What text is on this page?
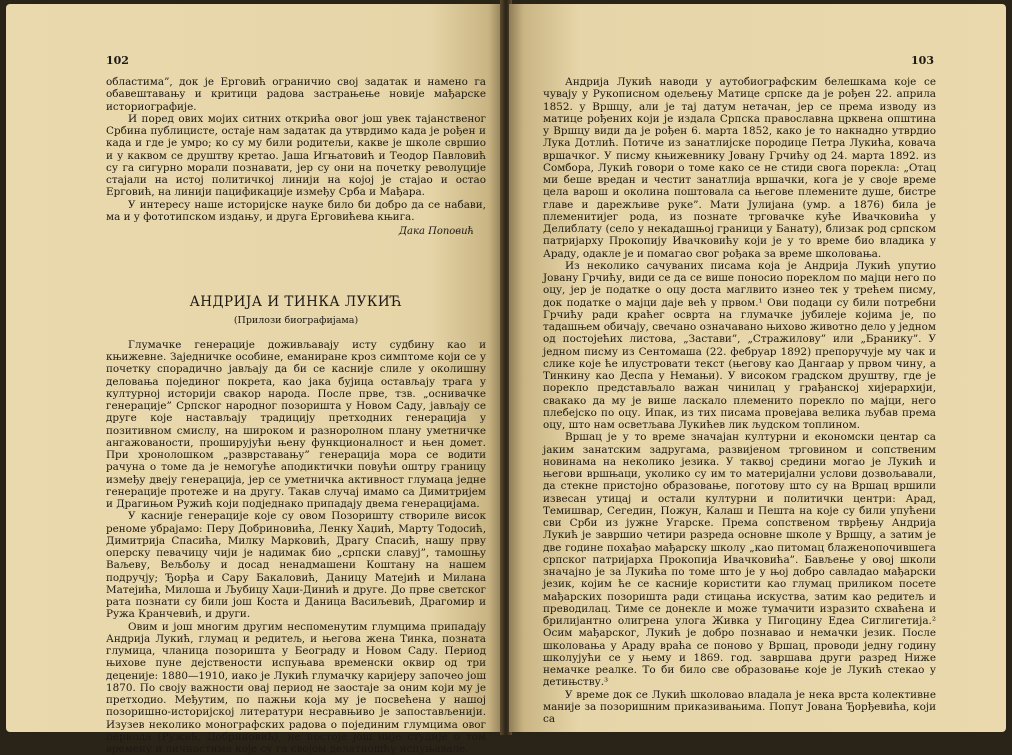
102

областима”, док је Ерговић ограничио свој задатак и намено га обавештавању и критици радова застрањење новије мађарске историографије.

И поред ових мојих ситних открића овог још увек тајанственог Србина публицисте, остаје нам задатак да утврдимо када је рођен и када и где је умро; ко су му били родитељи, какве је школе свршио и у каквом се друштву кретао. Јаша Игњатовић и Теодор Павловић су га сигурно морали познавати, јер су они на почетку револуције стајали на истој политичкој линији на којој је стајао и остао Ерговић, на линији пацификације између Срба и Мађара.

У интересу наше историјске науке било би добро да се набави, ма и у фототипском издању, и друга Ерговићева књига.

Дака Поповић
АНДРИЈА И ТИНКА ЛУКИЋ
(Прилози биографијама)

Глумачке генерације доживљавају исту судбину као и књижевне. Заједничке особине, еманиране кроз симптоме који се у почетку спорадично јављају да би се касније слиле у околишну деловања појединог покрета, као јака бујица остављају трага у културној историји свакор народа. После прве, тзв. „оснивачке генерације” Српског народног позоришта у Новом Саду, јављају се друге које настављају традицију претходних генерација у позитивном смислу, на широком и разноролном плану уметничке ангажованости, проширујући њену функционалност и њен домет. При хронолошком „разврставању” генерација мора се водити рачуна о томе да је немогуће аподиктички повући оштру границу између двеју генерација, јер се уметничка активност глумаца једне генерације протеже и на другу. Такав случај имамо са Димитријем и Драгињом Ружић који подједнако припадају двема генерацијама.

У каснијe генерације које су овом Позоришту створиле висок реноме убрајамо: Перу Добриновића, Ленку Хаџић, Марту Тодосић, Димитрија Спасића, Милку Марковић, Драгу Спасић, нашу прву оперску певачицу чији је надимак био „српски славуј”, тамошњу Ваљеву, Вељбољу и досад ненадмашени Коштану на нашем подручју; Ђорђа и Сару Бакаловић, Даницу Матејић и Милана Матејића, Милоша и Љубицу Хаџи-Динић и друге. До прве светског рата познати су били још Коста и Даница Васиљевић, Драгомир и Ружа Кранчевић, и други.

Овим и још многим другим неспоменутим глумцима припадају Андрија Лукић, глумац и редитељ, и његова жена Тинка, позната глумица, чланица позоришта у Београду и Новом Саду. Период њихове пуне дејствености испуњава временски оквир од три деценије: 1880—1910, иако је Лукић глумачку каријеру започео још 1870. По своју важности овај период не заостаје за оним који му је претходио. Међутим, по пажњи која му је посвећена у нашој позоришно-историјској литератури несравњиво је запостављенији. Изузев неколико монографских радова о појединим глумцима овог периода (Ружић, Добриновић), не постоје још није студије о том времену и личностима које су га својом делатношћу испуњавале.

103

Андрија Лукић наводи у аутобиографским белешкама које се чувају у Рукописном одељењу Матице српске да је рођен 22. априла 1852. у Вршцу, али је тај датум нетачан, јер се према изводу из матице рођених који је издала Српска православна црквена општина у Вршцу види да је рођен 6. марта 1852, како је то накнадно утврдио Лука Дотлић. Потиче из занатлијске породице Петра Лукића, ковача вршачког. У писму књижевнику Јовану Грчићу од 24. марта 1892. из Сомбора, Лукић говори о томе како се не стиди свога порекла: „Отац ми беше вредан и честит занатлија вршачки, кога је у своје време цела варош и околина поштовала са његове племените душе, бистре главе и дарежљиве руке”. Мати Јулијана (умр. а 1876) била је племенитијег рода, из познате трговачке куће Ивачковића у Делиблату (село у некадашњој граници у Банату), близак род српском патријарху Прокопију Ивачковићу који је у то време био владика у Араду, одакле је и помагао свог рођака за време школовања.

Из неколико сачуваних писама која је Андрија Лукић упутио Јовану Грчићу, види се да се више поносио пореклом по мајци него по оцу, јер је податке о оцу доста маглвито изнео тек у трећем писму, док податке о мајци даје већ у првом.¹ Ови подаци су били потребни Грчићу ради краћег осврта на глумачке јубилеје којима је, по тадашњем обичају, свечано означавано њихово животно дело у једном од постојећих листова, „Застави”, „Стражилову” или „Бранику”. У једном писму из Сентомаша (22. фебруар 1892) препоручује му чак и слике које ће илустровати текст (његову као Дангаар у првом чину, а Тинкину као Деспа у Немањи). У високом градском друштву, где је порекло представљало важан чинилац у грађанској хијерархији, свакако да му је више ласкало племенито порекло по мајци, него плебејско по оцу. Ипак, из тих писама провејава велика љубав према оцу, што нам осветљава Лукићев лик људском топлином.

Вршац је у то време значајан културни и економски центар са јаким занатским задругама, развијеном трговином и сопственим новинама на неколико језика. У таквој средини могао је Лукић и његови вршњаци, уколико су им то материјални услови дозвољавали, да стекне пристојно образовање, поготову што су на Вршац вршили извесан утицај и остали културни и политички центри: Арад, Темишвар, Сегедин, Пожун, Калаш и Пешта на које су били упућени сви Срби из јужне Угарске. Према сопственом тврђењу Андрија Лукић је завршио четири разреда основне школе у Вршцу, а затим је две године похађао мађарску школу „као питомац блаженопочившега српског патријарха Прокопија Ивачковића”. Бављење у овој школи значајно је за Лукића по томе што је у њој добро савладао мађарски језик, којим ће се касније користити као глумац приликом посете мађарских позоришта ради стицања искуства, затим као редитељ и преводилац. Тиме се донекле и може тумачити изразито схваћена и брилијантно олигрена улога Живка у Пигоцину Едеа Сиглигетија.² Осим мађарског, Лукић је добро познавао и немачки језик. После школовања у Араду враћа се поново у Вршац, проводи једну годину школујући се у њему и 1869. год. завршава други разред Ниже немачке реалке. То би било све образовање које је Лукић стекао у детињству.³

У време док се Лукић школовао владала је нека врста колективне маније за позоришним приказивањима. Попут Јована Ђорђевића, који са
